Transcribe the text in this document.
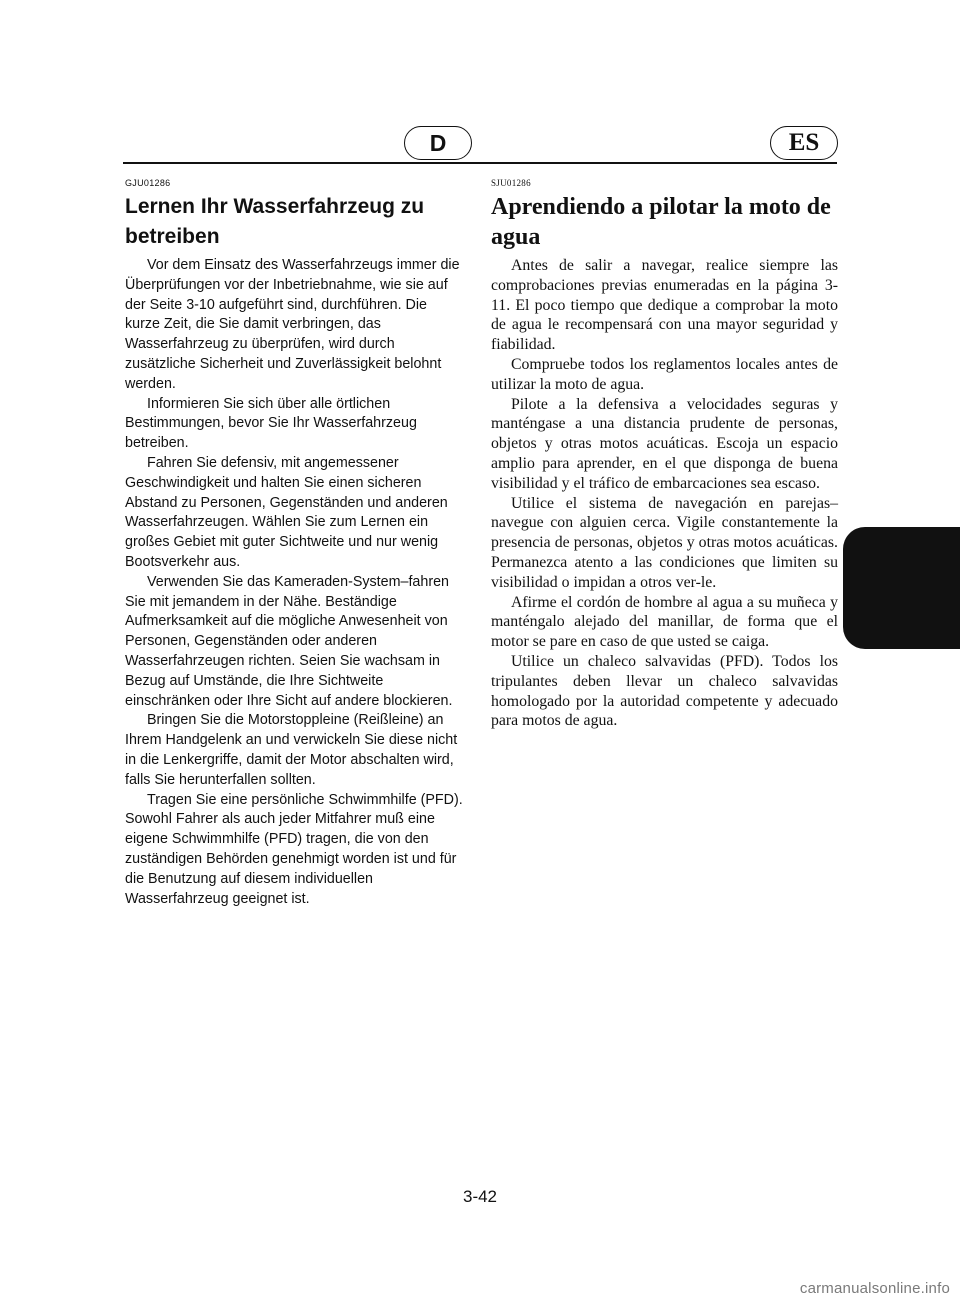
D	ES
GJU01286
Lernen Ihr Wasserfahrzeug zu betreiben

Vor dem Einsatz des Wasserfahrzeugs immer die Überprüfungen vor der Inbetriebnahme, wie sie auf der Seite 3-10 aufgeführt sind, durchführen. Die kurze Zeit, die Sie damit verbringen, das Wasserfahrzeug zu überprüfen, wird durch zusätzliche Sicherheit und Zuverlässigkeit belohnt werden.

Informieren Sie sich über alle örtlichen Bestimmungen, bevor Sie Ihr Wasserfahrzeug betreiben.

Fahren Sie defensiv, mit angemessener Geschwindigkeit und halten Sie einen sicheren Abstand zu Personen, Gegenständen und anderen Wasserfahrzeugen. Wählen Sie zum Lernen ein großes Gebiet mit guter Sichtweite und nur wenig Bootsverkehr aus.

Verwenden Sie das Kameraden-System–fahren Sie mit jemandem in der Nähe. Beständige Aufmerksamkeit auf die mögliche Anwesenheit von Personen, Gegenständen oder anderen Wasserfahrzeugen richten. Seien Sie wachsam in Bezug auf Umstände, die Ihre Sichtweite einschränken oder Ihre Sicht auf andere blockieren.

Bringen Sie die Motorstoppleine (Reißleine) an Ihrem Handgelenk an und verwickeln Sie diese nicht in die Lenkergriffe, damit der Motor abschalten wird, falls Sie herunterfallen sollten.

Tragen Sie eine persönliche Schwimmhilfe (PFD). Sowohl Fahrer als auch jeder Mitfahrer muß eine eigene Schwimmhilfe (PFD) tragen, die von den zuständigen Behörden genehmigt worden ist und für die Benutzung auf diesem individuellen Wasserfahrzeug geeignet ist.

SJU01286
Aprendiendo a pilotar la moto de agua

Antes de salir a navegar, realice siempre las comprobaciones previas enumeradas en la página 3-11. El poco tiempo que dedique a comprobar la moto de agua le recompensará con una mayor seguridad y fiabilidad.

Compruebe todos los reglamentos locales antes de utilizar la moto de agua.

Pilote a la defensiva a velocidades seguras y manténgase a una distancia prudente de personas, objetos y otras motos acuáticas. Escoja un espacio amplio para aprender, en el que disponga de buena visibilidad y el tráfico de embarcaciones sea escaso.

Utilice el sistema de navegación en parejas–navegue con alguien cerca. Vigile constantemente la presencia de personas, objetos y otras motos acuáticas. Permanezca atento a las condiciones que limiten su visibilidad o impidan a otros ver-le.

Afirme el cordón de hombre al agua a su muñeca y manténgalo alejado del manillar, de forma que el motor se pare en caso de que usted se caiga.

Utilice un chaleco salvavidas (PFD). Todos los tripulantes deben llevar un chaleco salvavidas homologado por la autoridad competente y adecuado para motos de agua.

3-42
carmanualsonline.info
